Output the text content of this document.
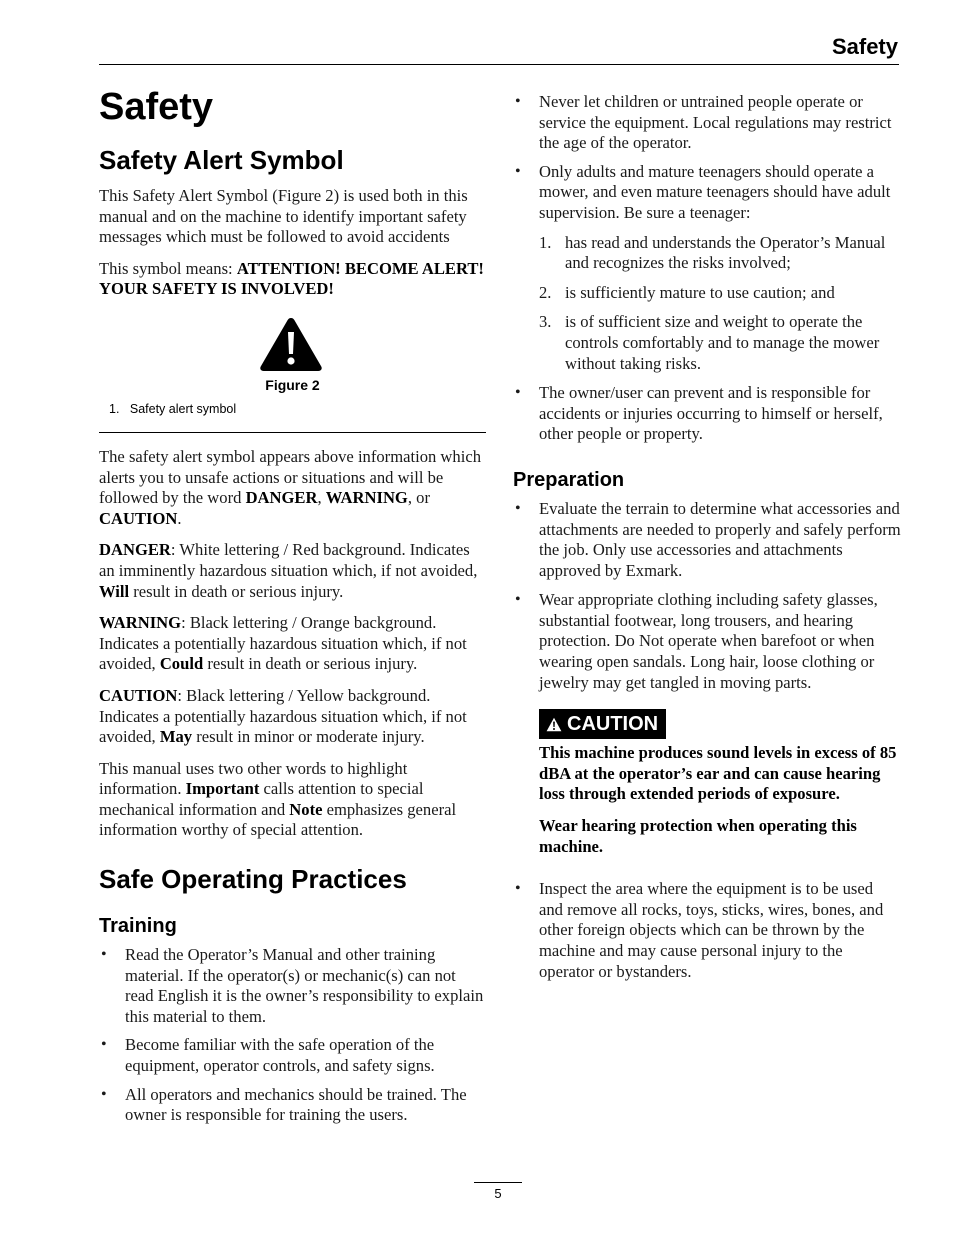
Safety
Safety
Safety Alert Symbol

This Safety Alert Symbol (Figure 2) is used both in this manual and on the machine to identify important safety messages which must be followed to avoid accidents

This symbol means: ATTENTION! BECOME ALERT! YOUR SAFETY IS INVOLVED!

Figure 2
1. Safety alert symbol

The safety alert symbol appears above information which alerts you to unsafe actions or situations and will be followed by the word DANGER, WARNING, or CAUTION.

DANGER: White lettering / Red background. Indicates an imminently hazardous situation which, if not avoided, Will result in death or serious injury.

WARNING: Black lettering / Orange background. Indicates a potentially hazardous situation which, if not avoided, Could result in death or serious injury.

CAUTION: Black lettering / Yellow background. Indicates a potentially hazardous situation which, if not avoided, May result in minor or moderate injury.

This manual uses two other words to highlight information. Important calls attention to special mechanical information and Note emphasizes general information worthy of special attention.

Safe Operating Practices
Training
• Read the Operator’s Manual and other training material. If the operator(s) or mechanic(s) can not read English it is the owner’s responsibility to explain this material to them.

• Become familiar with the safe operation of the equipment, operator controls, and safety signs.

• All operators and mechanics should be trained. The owner is responsible for training the users.

• Never let children or untrained people operate or service the equipment. Local regulations may restrict the age of the operator.

• Only adults and mature teenagers should operate a mower, and even mature teenagers should have adult supervision. Be sure a teenager:

1. has read and understands the Operator’s Manual and recognizes the risks involved;

2. is sufficiently mature to use caution; and

3. is of sufficient size and weight to operate the controls comfortably and to manage the mower without taking risks.

• The owner/user can prevent and is responsible for accidents or injuries occurring to himself or herself, other people or property.

Preparation
• Evaluate the terrain to determine what accessories and attachments are needed to properly and safely perform the job. Only use accessories and attachments approved by Exmark.

• Wear appropriate clothing including safety glasses, substantial footwear, long trousers, and hearing protection. Do Not operate when barefoot or when wearing open sandals. Long hair, loose clothing or jewelry may get tangled in moving parts.

CAUTION

This machine produces sound levels in excess of 85 dBA at the operator’s ear and can cause hearing loss through extended periods of exposure.

Wear hearing protection when operating this machine.

• Inspect the area where the equipment is to be used and remove all rocks, toys, sticks, wires, bones, and other foreign objects which can be thrown by the machine and may cause personal injury to the operator or bystanders.

5
